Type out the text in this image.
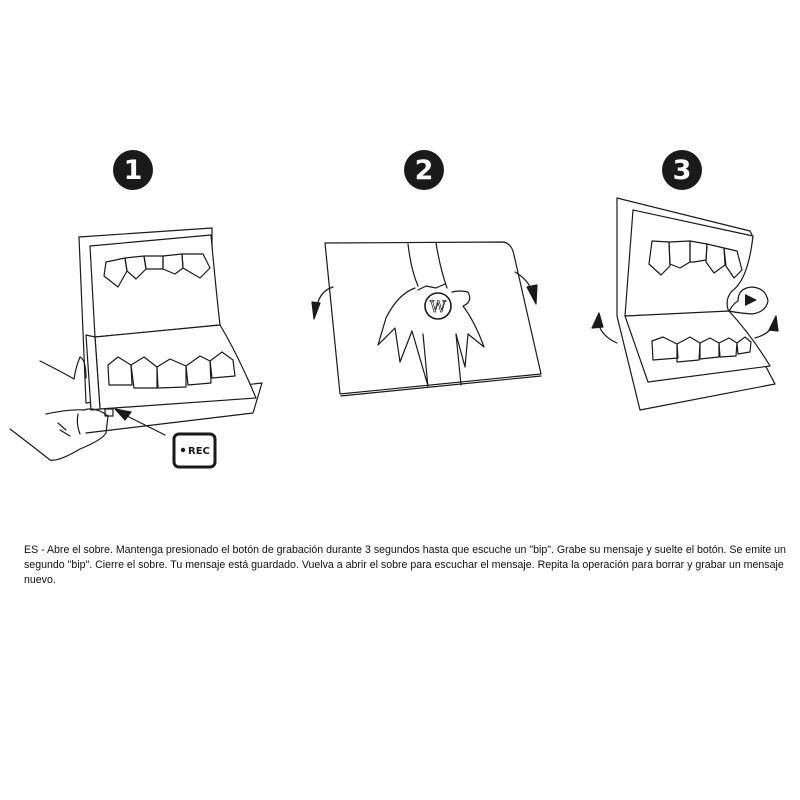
1	2	3
REC
W

ES - Abre el sobre. Mantenga presionado el botón de grabación durante 3 segundos hasta que escuche un "bip". Grabe su mensaje y suelte el botón. Se emite un segundo "bip". Cierre el sobre. Tu mensaje está guardado. Vuelva a abrir el sobre para escuchar el mensaje. Repita la operación para borrar y grabar un mensaje nuevo.
